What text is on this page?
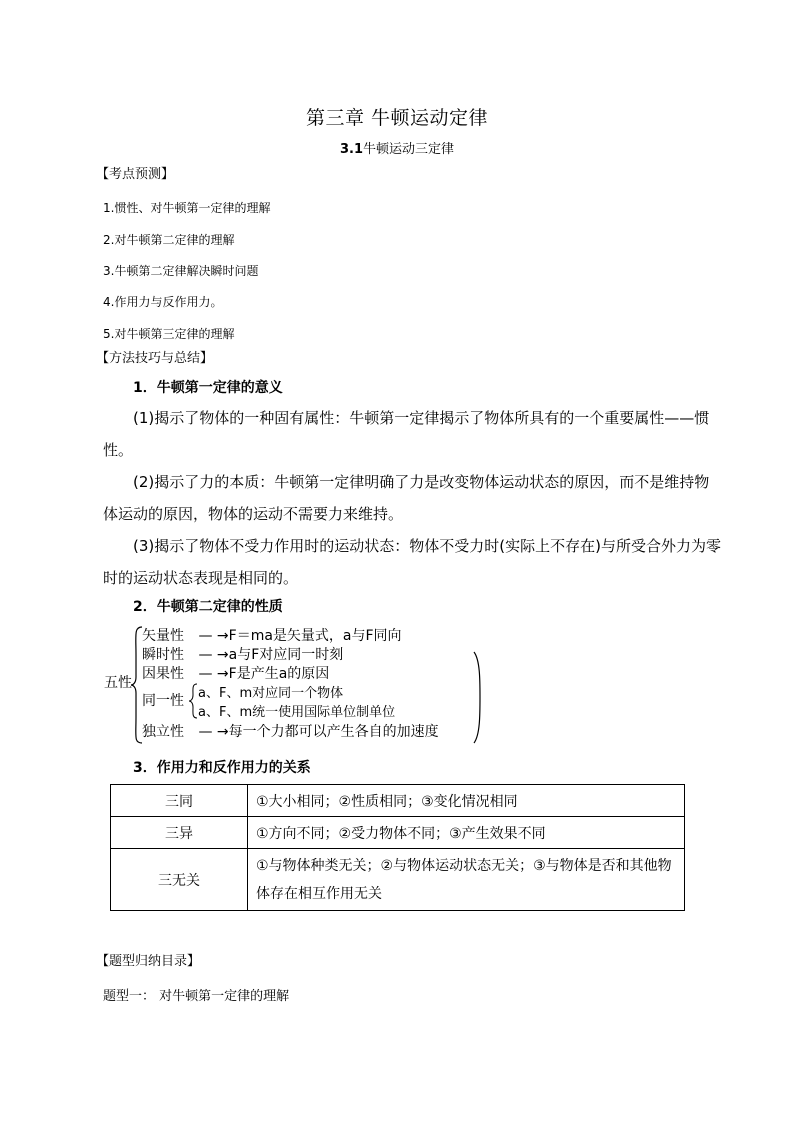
第三章 牛顿运动定律
3.1牛顿运动三定律
【考点预测】
1.惯性、对牛顿第一定律的理解
2.对牛顿第二定律的理解
3.牛顿第二定律解决瞬时问题
4.作用力与反作用力。
5.对牛顿第三定律的理解
【方法技巧与总结】
1．牛顿第一定律的意义
(1)揭示了物体的一种固有属性：牛顿第一定律揭示了物体所具有的一个重要属性——惯性。
(2)揭示了力的本质：牛顿第一定律明确了力是改变物体运动状态的原因，而不是维持物体运动的原因，物体的运动不需要力来维持。
(3)揭示了物体不受力作用时的运动状态：物体不受力时(实际上不存在)与所受合外力为零时的运动状态表现是相同的。
2．牛顿第二定律的性质
五性
矢量性 — →F＝ma是矢量式，a与F同向
瞬时性 — →a与F对应同一时刻
因果性 — →F是产生a的原因
同一性 a、F、m对应同一个物体
a、F、m统一使用国际单位制单位
独立性 — →每一个力都可以产生各自的加速度
3．作用力和反作用力的关系
三同	①大小相同；②性质相同；③变化情况相同
三异	①方向不同；②受力物体不同；③产生效果不同
三无关	①与物体种类无关；②与物体运动状态无关；③与物体是否和其他物体存在相互作用无关
【题型归纳目录】
题型一： 对牛顿第一定律的理解
